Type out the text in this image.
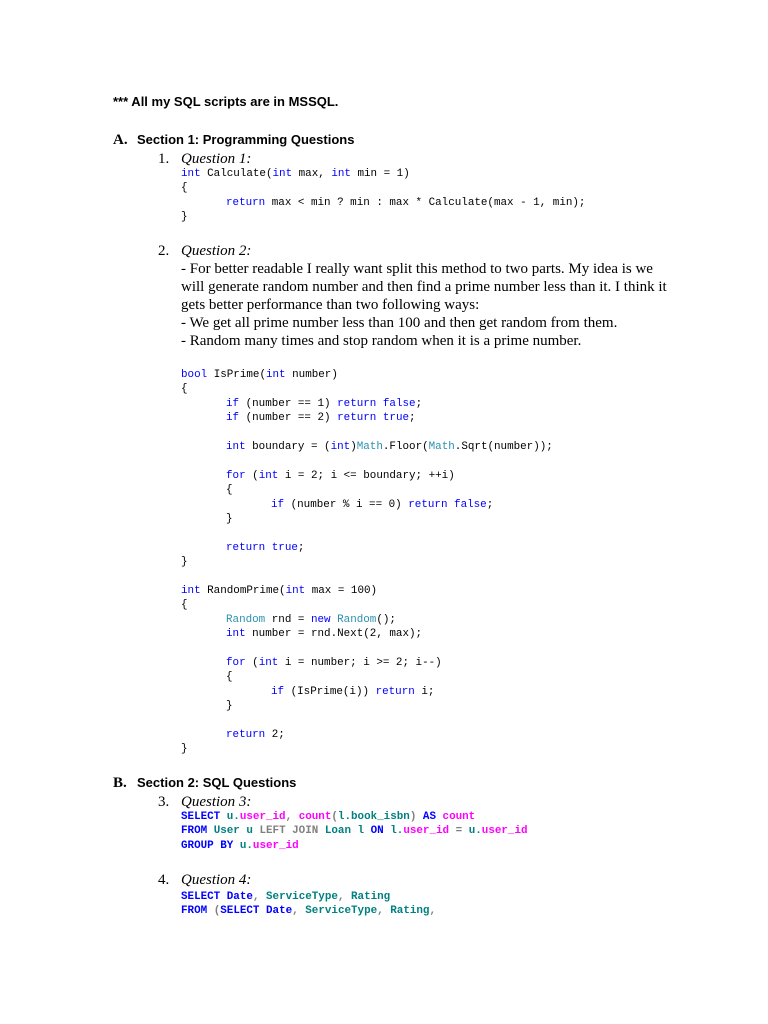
*** All my SQL scripts are in MSSQL.
A. Section 1: Programming Questions
1. Question 1:
int Calculate(int max, int min = 1)
{
	return max < min ? min : max * Calculate(max - 1, min);
}
2. Question 2:
- For better readable I really want split this method to two parts. My idea is we
will generate random number and then find a prime number less than it. I think it
gets better performance than two following ways:
- We get all prime number less than 100 and then get random from them.
- Random many times and stop random when it is a prime number.
bool IsPrime(int number)
{
	if (number == 1) return false;
	if (number == 2) return true;
	int boundary = (int)Math.Floor(Math.Sqrt(number));
	for (int i = 2; i <= boundary; ++i)
	{
		if (number % i == 0) return false;
	}
	return true;
}
int RandomPrime(int max = 100)
{
	Random rnd = new Random();
	int number = rnd.Next(2, max);
	for (int i = number; i >= 2; i--)
	{
		if (IsPrime(i)) return i;
	}
	return 2;
}
B. Section 2: SQL Questions
3. Question 3:
SELECT u.user_id, count(l.book_isbn) AS count
FROM User u LEFT JOIN Loan l ON l.user_id = u.user_id
GROUP BY u.user_id
4. Question 4:
SELECT Date, ServiceType, Rating
FROM (SELECT Date, ServiceType, Rating,
